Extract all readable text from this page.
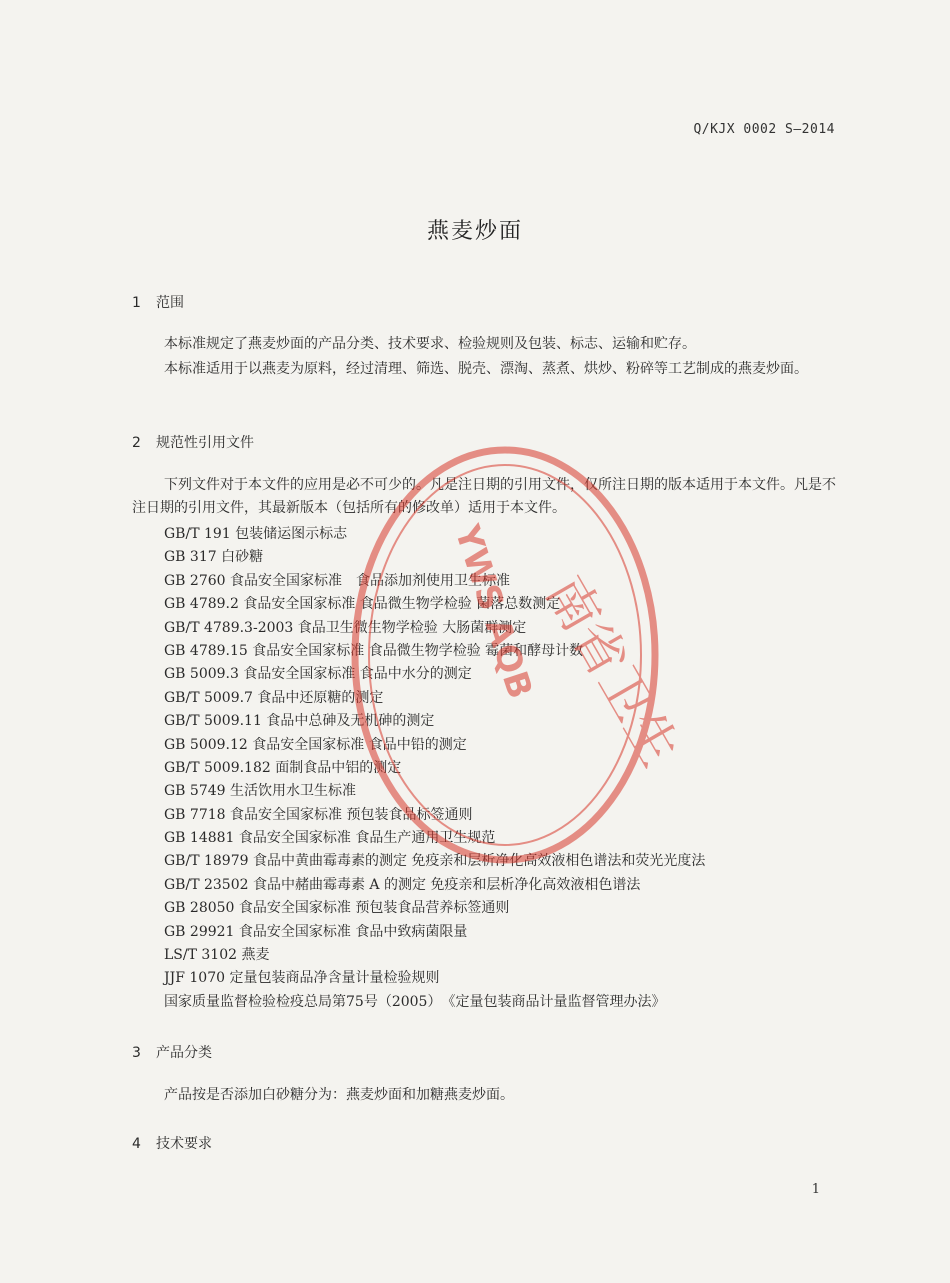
Q/KJX 0002 S—2014
燕麦炒面
1 范围
本标准规定了燕麦炒面的产品分类、技术要求、检验规则及包装、标志、运输和贮存。
本标准适用于以燕麦为原料，经过清理、筛选、脱壳、漂淘、蒸煮、烘炒、粉碎等工艺制成的燕麦炒面。
2 规范性引用文件
下列文件对于本文件的应用是必不可少的。凡是注日期的引用文件，仅所注日期的版本适用于本文件。凡是不注日期的引用文件，其最新版本（包括所有的修改单）适用于本文件。
GB/T 191 包装储运图示标志
GB 317 白砂糖
GB 2760 食品安全国家标准　食品添加剂使用卫生标准
GB 4789.2 食品安全国家标准 食品微生物学检验 菌落总数测定
GB/T 4789.3-2003 食品卫生微生物学检验 大肠菌群测定
GB 4789.15 食品安全国家标准 食品微生物学检验 霉菌和酵母计数
GB 5009.3 食品安全国家标准 食品中水分的测定
GB/T 5009.7 食品中还原糖的测定
GB/T 5009.11 食品中总砷及无机砷的测定
GB 5009.12 食品安全国家标准 食品中铅的测定
GB/T 5009.182 面制食品中铝的测定
GB 5749 生活饮用水卫生标准
GB 7718 食品安全国家标准 预包装食品标签通则
GB 14881 食品安全国家标准 食品生产通用卫生规范
GB/T 18979 食品中黄曲霉毒素的测定 免疫亲和层析净化高效液相色谱法和荧光光度法
GB/T 23502 食品中赭曲霉毒素 A 的测定 免疫亲和层析净化高效液相色谱法
GB 28050 食品安全国家标准 预包装食品营养标签通则
GB 29921 食品安全国家标准 食品中致病菌限量
LS/T 3102 燕麦
JJF 1070 定量包装商品净含量计量检验规则
国家质量监督检验检疫总局第75号（2005）　《定量包装商品计量监督管理办法》
3 产品分类
产品按是否添加白砂糖分为：燕麦炒面和加糖燕麦炒面。
4 技术要求
1
南省卫生
YWS AQB
